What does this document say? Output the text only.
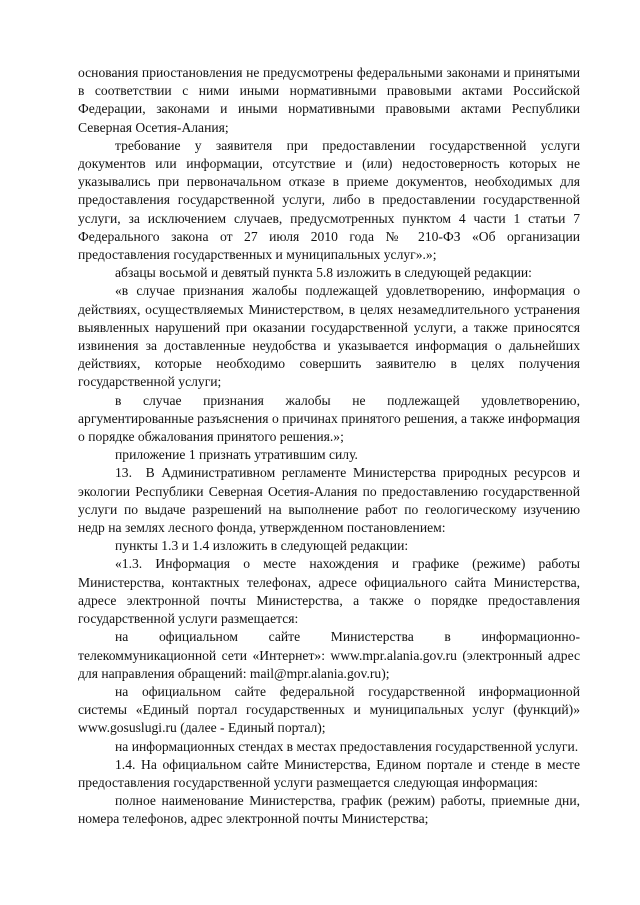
основания приостановления не предусмотрены федеральными законами и принятыми в соответствии с ними иными нормативными правовыми актами Российской Федерации, законами и иными нормативными правовыми актами Республики Северная Осетия-Алания;

требование у заявителя при предоставлении государственной услуги документов или информации, отсутствие и (или) недостоверность которых не указывались при первоначальном отказе в приеме документов, необходимых для предоставления государственной услуги, либо в предоставлении государственной услуги, за исключением случаев, предусмотренных пунктом 4 части 1 статьи 7 Федерального закона от 27 июля 2010 года № 210-ФЗ «Об организации предоставления государственных и муниципальных услуг».»;

абзацы восьмой и девятый пункта 5.8 изложить в следующей редакции:

«в случае признания жалобы подлежащей удовлетворению, информация о действиях, осуществляемых Министерством, в целях незамедлительного устранения выявленных нарушений при оказании государственной услуги, а также приносятся извинения за доставленные неудобства и указывается информация о дальнейших действиях, которые необходимо совершить заявителю в целях получения государственной услуги;

в случае признания жалобы не подлежащей удовлетворению, аргументированные разъяснения о причинах принятого решения, а также информация о порядке обжалования принятого решения.»;

приложение 1 признать утратившим силу.

13. В Административном регламенте Министерства природных ресурсов и экологии Республики Северная Осетия-Алания по предоставлению государственной услуги по выдаче разрешений на выполнение работ по геологическому изучению недр на землях лесного фонда, утвержденном постановлением:

пункты 1.3 и 1.4 изложить в следующей редакции:

«1.3. Информация о месте нахождения и графике (режиме) работы Министерства, контактных телефонах, адресе официального сайта Министерства, адресе электронной почты Министерства, а также о порядке предоставления государственной услуги размещается:

на официальном сайте Министерства в информационно-телекоммуникационной сети «Интернет»: www.mpr.alania.gov.ru (электронный адрес для направления обращений: mail@mpr.alania.gov.ru);

на официальном сайте федеральной государственной информационной системы «Единый портал государственных и муниципальных услуг (функций)» www.gosuslugi.ru (далее - Единый портал);

на информационных стендах в местах предоставления государственной услуги.

1.4. На официальном сайте Министерства, Едином портале и стенде в месте предоставления государственной услуги размещается следующая информация:

полное наименование Министерства, график (режим) работы, приемные дни, номера телефонов, адрес электронной почты Министерства;
